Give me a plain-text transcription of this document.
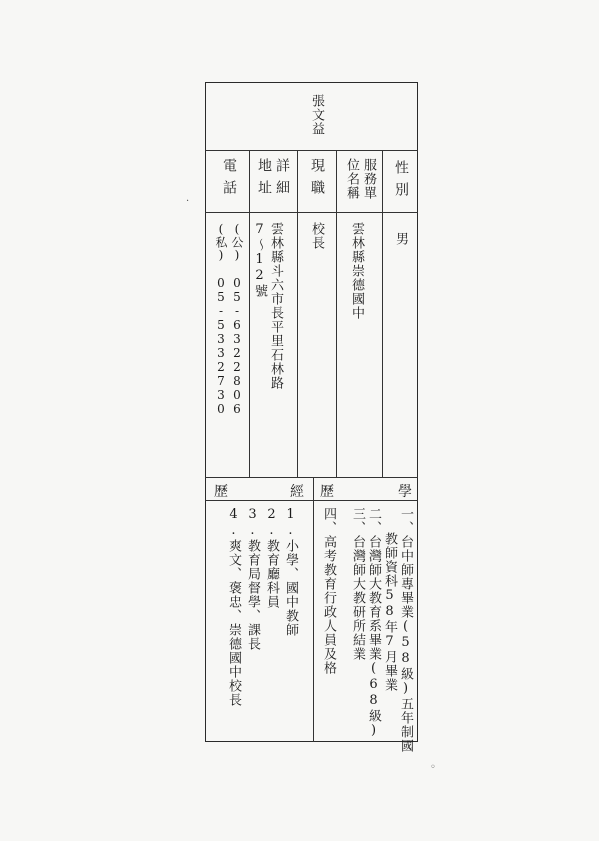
張文益
性別
服務單
位名稱
現職
詳細
地址
電話
男
雲林縣崇德國中
校長
雲林縣斗六市長平里石林路
7～12號
(公) 05-6322806
(私) 05-5332730
歷	學
一、台中師專畢業(58級)五年制國
教師資科58年7月畢業
二、台灣師大教育系畢業(68級)
三、台灣師大教研所結業
四、高考教育行政人員及格
歷	經
1.小學、國中教師
2.教育廳科員
3.教育局督學、課長
4.爽文、褒忠、崇德國中校長
·
◦
